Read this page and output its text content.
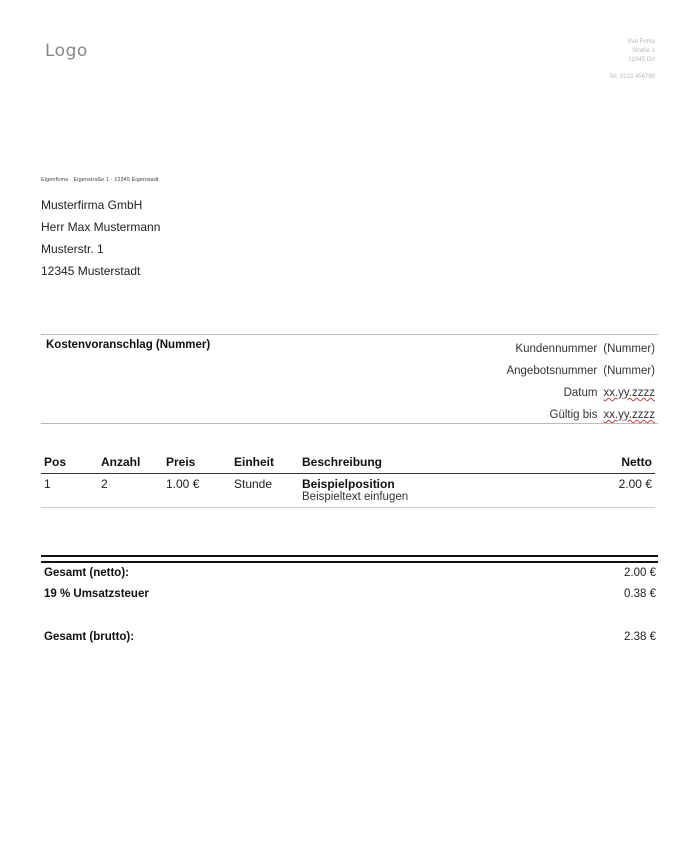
Logo	Ihre Firma
Straße 1
12345 Ort
Tel. 0123 456789
Eigenfirma · Eigenstraße 1 · 12345 Eigenstadt
Musterfirma GmbH
Herr Max Mustermann
Musterstr. 1
12345 Musterstadt
Kostenvoranschlag (Nummer)	Kundennummer (Nummer)
Angebotsnummer (Nummer)
Datum xx.yy.zzzz
Gültig bis xx.yy.zzzz
Pos	Anzahl	Preis	Einheit	Beschreibung	Netto
1	2	1.00 €	Stunde	Beispielposition
Beispieltext einfugen	2.00 €
Gesamt (netto):	2.00 €
19 % Umsatzsteuer	0.38 €
Gesamt (brutto):	2.38 €
